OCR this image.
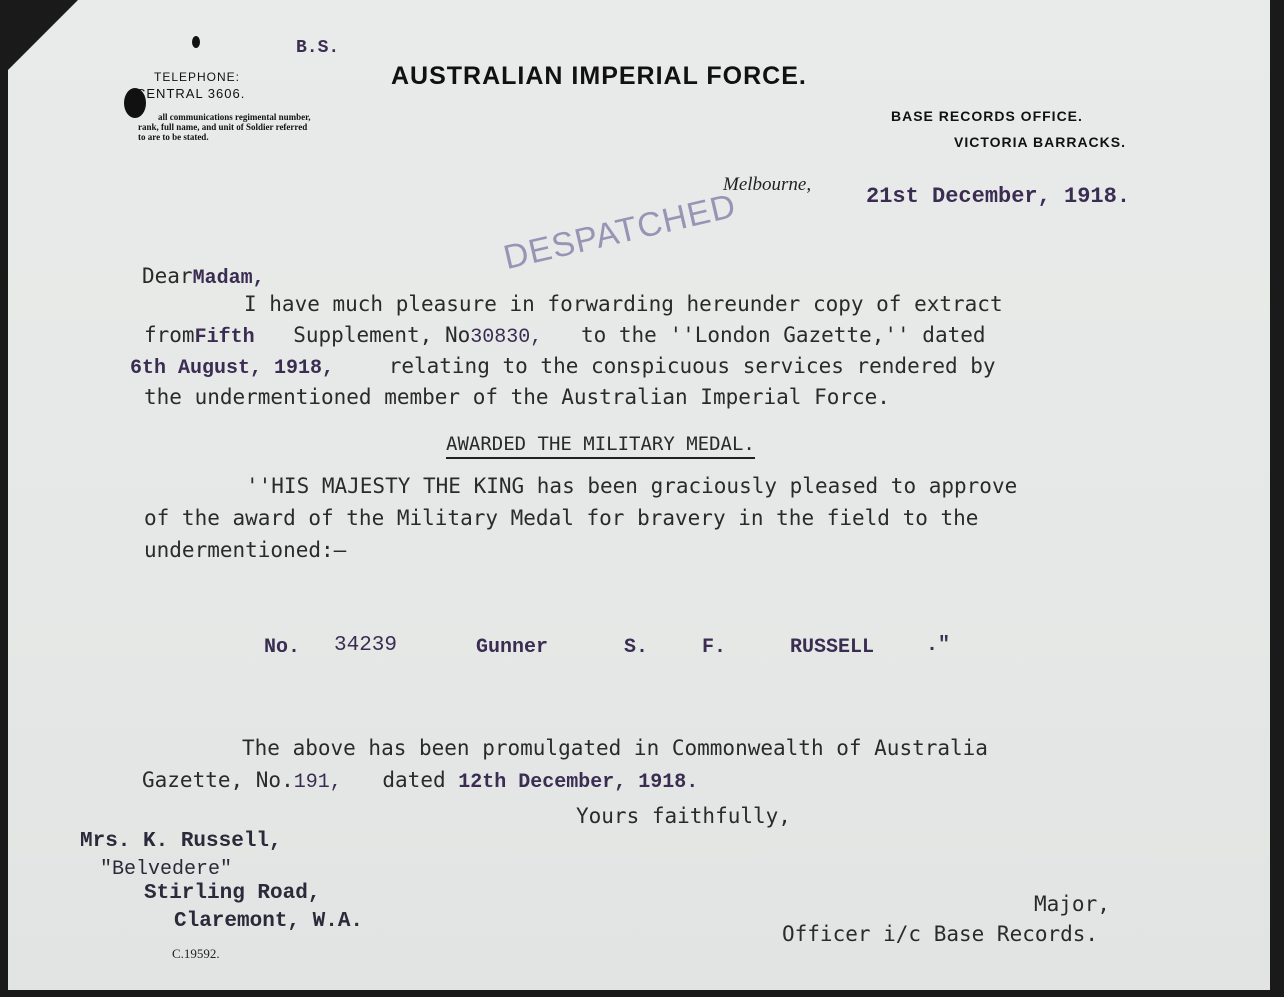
B.S.
TELEPHONE:
CENTRAL 3606.
all communications regimental number,
rank, full name, and unit of Soldier referred
to are to be stated.
AUSTRALIAN IMPERIAL FORCE.
BASE RECORDS OFFICE.
VICTORIA BARRACKS.
Melbourne, 21st December, 1918.
DESPATCHED
DearMadam,
I have much pleasure in forwarding hereunder copy of extract
fromFifth Supplement, No30830, to the ''London Gazette,'' dated
6th August, 1918,	relating to the conspicuous services rendered by
the undermentioned member of the Australian Imperial Force.
AWARDED THE MILITARY MEDAL.
''HIS MAJESTY THE KING has been graciously pleased to approve
of the award of the Military Medal for bravery in the field to the
undermentioned:—
No. 34239	Gunner	S.	F.	RUSSELL	."
The above has been promulgated in Commonwealth of Australia
Gazette, No.191, dated 12th December, 1918.
Yours faithfully,
Mrs. K. Russell,
"Belvedere"
Stirling Road,
Claremont, W.A.
C.19592.
Major,
Officer i/c Base Records.
